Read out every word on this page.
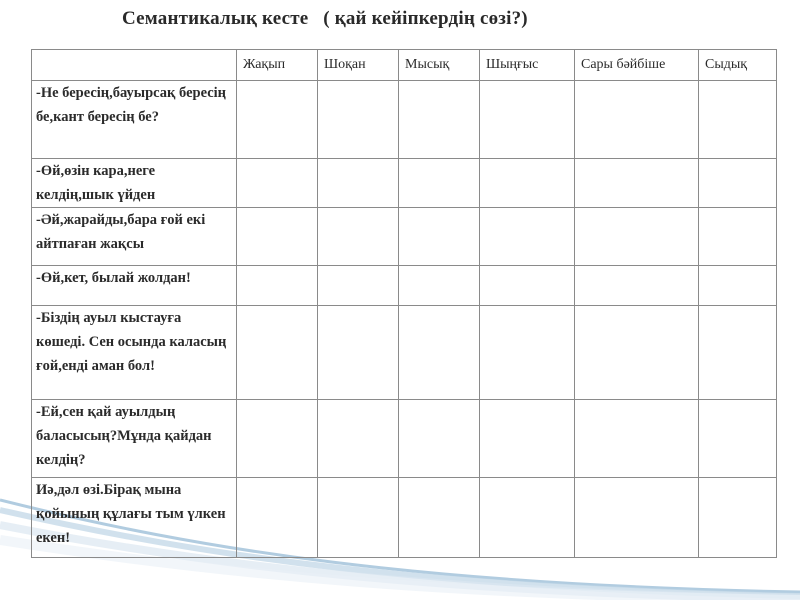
Семантикалық кесте   ( қай кейіпкердің сөзі?)
	Жақып	Шоқан	Мысық	Шыңғыс	Сары бәйбіше	Сыдық
-Не бересің,бауырсақ бересің бе,кант бересің бе?						
-Өй,өзін кара,неге келдің,шык үйден						
-Әй,жарайды,бара ғой екі айтпаған жақсы						
-Өй,кет, былай жолдан!						
-Біздің ауыл кыстауға көшеді. Сен осында каласың ғой,енді аман бол!						
-Ей,сен қай ауылдың баласысың?Мұнда қайдан келдің?						
Иә,дәл өзі.Бірақ мына қойының құлағы тым үлкен екен!						
